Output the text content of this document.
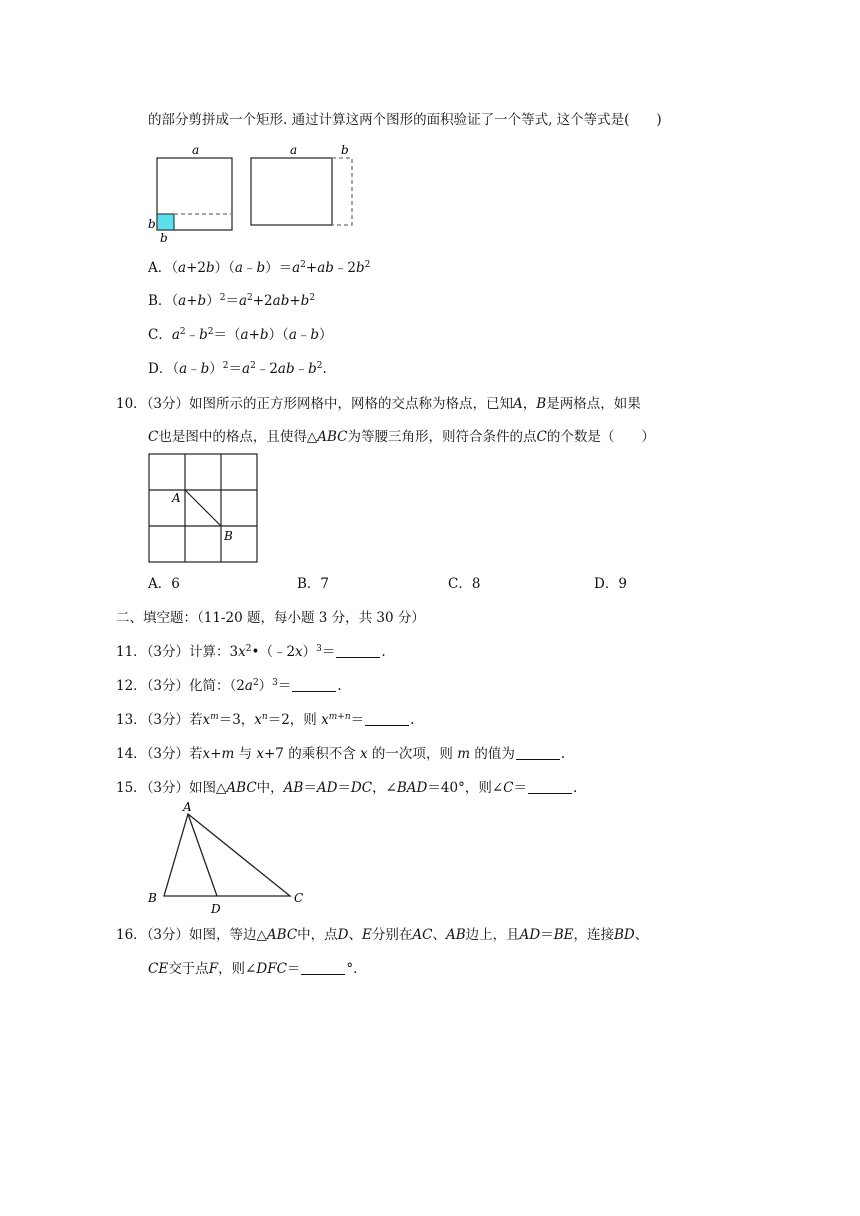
的部分剪拼成一个矩形. 通过计算这两个图形的面积验证了一个等式, 这个等式是(　　)
a
b
b
a	b
A．$(a+2b)(a﹣b)=a^2+ab﹣2b^2$
B．$(a+b)^2=a^2+2ab+b^2$
C．$a^2﹣b^2=(a+b)(a﹣b)$
D．$(a﹣b)^2=a^2﹣2ab﹣b^2$.
10．（3分）如图所示的正方形网格中，网格的交点称为格点，已知A，B是两格点，如果
C也是图中的格点，且使得△ABC为等腰三角形，则符合条件的点C的个数是（　　）
A
B
A．6	B．7	C．8	D．9
二、填空题：（11-20 题，每小题 3 分，共 30 分）
11．（3分）计算：$3x^2•(﹣2x)^3=$	.
12．（3分）化简：$(2a^2)^3=$	.
13．（3分）若$x^m=3$，$x^n=2$，则 $x^{m+n}=$	.
14．（3分）若x+m 与 x+7 的乘积不含 x 的一次项，则 m 的值为	.
15．（3分）如图△ABC中，AB＝AD＝DC，∠BAD＝40°，则∠C＝	.
A
B
D
C
16．（3分）如图，等边△ABC中，点D、E分别在AC、AB边上，且AD＝BE，连接BD、
CE交于点F，则∠DFC＝	°．
